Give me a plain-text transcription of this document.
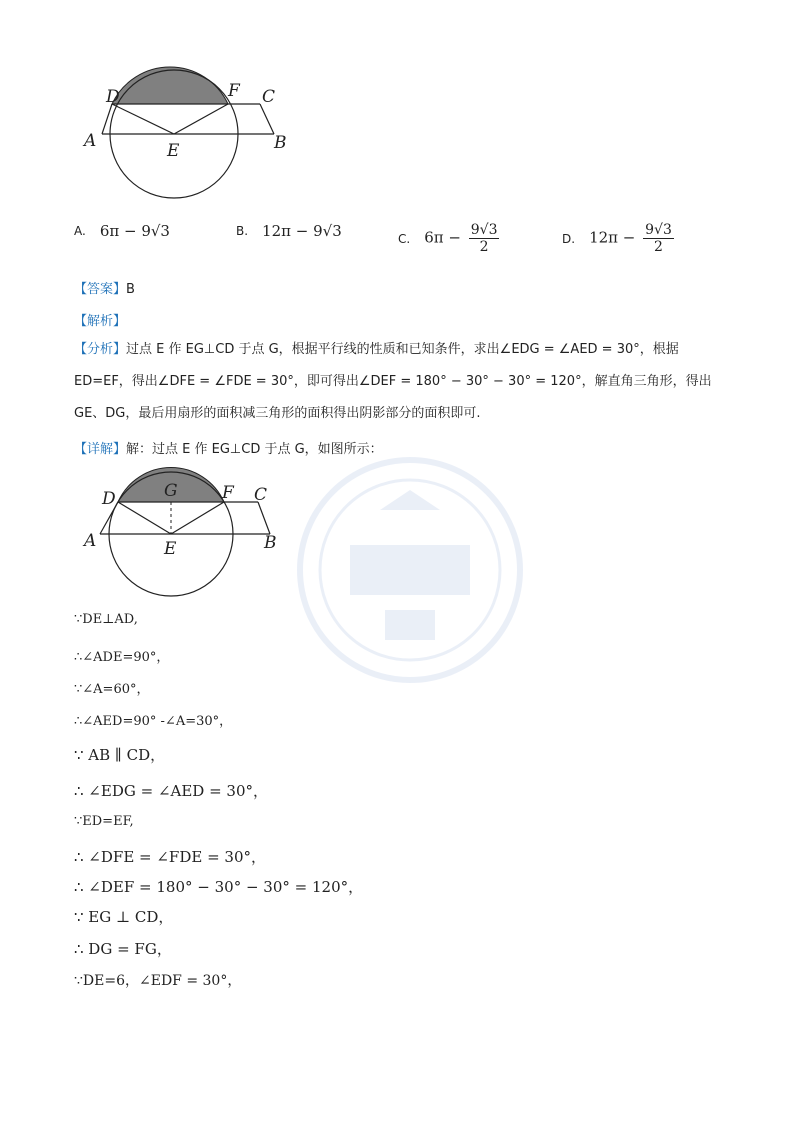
D	F C
A	E	B
A. 6π − 9√3	B. 12π − 9√3	C. $6\pi - \frac{9√3}{2}$	D. $12\pi - \frac{9√3}{2}$
【答案】B
【解析】
【分析】过点 E 作 EG⊥CD 于点 G，根据平行线的性质和已知条件，求出∠EDG = ∠AED = 30°，根据
ED=EF，得出∠DFE = ∠FDE = 30°，即可得出∠DEF = 180° − 30° − 30° = 120°，解直角三角形，得出
GE、DG，最后用扇形的面积减三角形的面积得出阴影部分的面积即可.
【详解】解：过点 E 作 EG⊥CD 于点 G，如图所示：
D	G	F C
A	E	B
∵DE⊥AD,
∴∠ADE=90°，
∵∠A=60°，
∴∠AED=90° -∠A=30°，
∵ AB ∥ CD，
∴ ∠EDG = ∠AED = 30°，
∵ED=EF,
∴ ∠DFE = ∠FDE = 30°，
∴ ∠DEF = 180° − 30° − 30° = 120°，
∵ EG ⊥ CD，
∴ DG = FG，
∵DE=6，∠EDF = 30°，
